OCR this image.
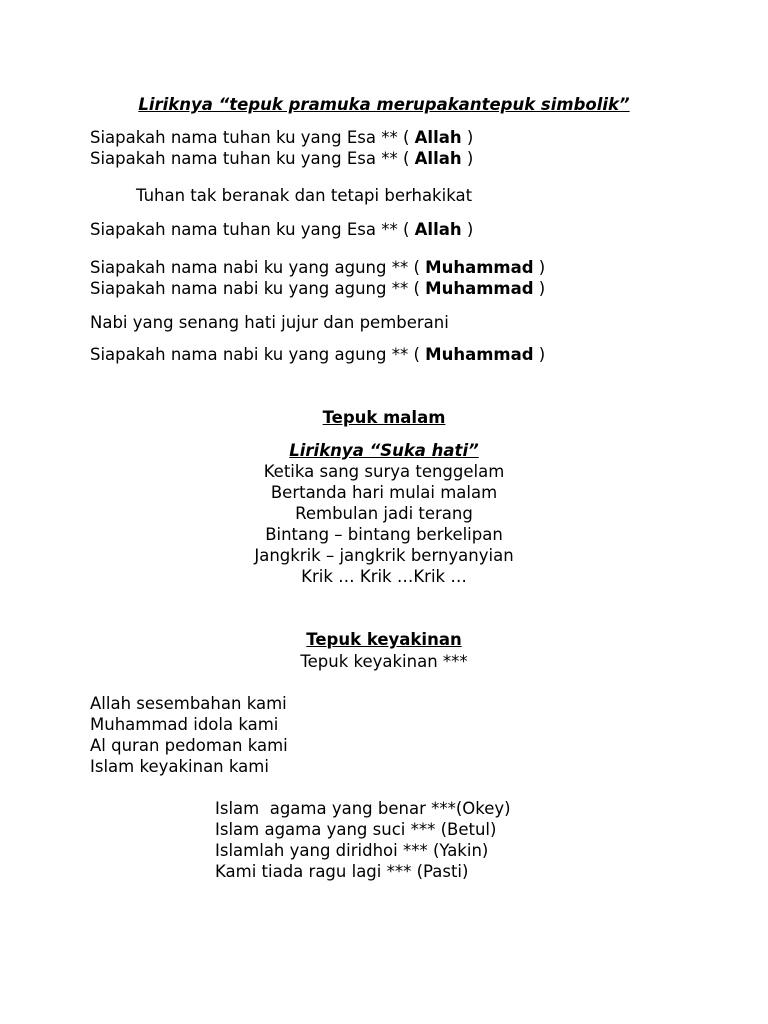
Liriknya “tepuk pramuka merupakantepuk simbolik”
Siapakah nama tuhan ku yang Esa ** ( Allah )
Siapakah nama tuhan ku yang Esa ** ( Allah )
Tuhan tak beranak dan tetapi berhakikat
Siapakah nama tuhan ku yang Esa ** ( Allah )
Siapakah nama nabi ku yang agung ** ( Muhammad )
Siapakah nama nabi ku yang agung ** ( Muhammad )
Nabi yang senang hati jujur dan pemberani
Siapakah nama nabi ku yang agung ** ( Muhammad )
Tepuk malam
Liriknya “Suka hati”
Ketika sang surya tenggelam
Bertanda hari mulai malam
Rembulan jadi terang
Bintang – bintang berkelipan
Jangkrik – jangkrik bernyanyian
Krik … Krik …Krik …
Tepuk keyakinan
Tepuk keyakinan ***
Allah sesembahan kami
Muhammad idola kami
Al quran pedoman kami
Islam keyakinan kami
Islam  agama yang benar ***(Okey)
Islam agama yang suci *** (Betul)
Islamlah yang diridhoi *** (Yakin)
Kami tiada ragu lagi *** (Pasti)
